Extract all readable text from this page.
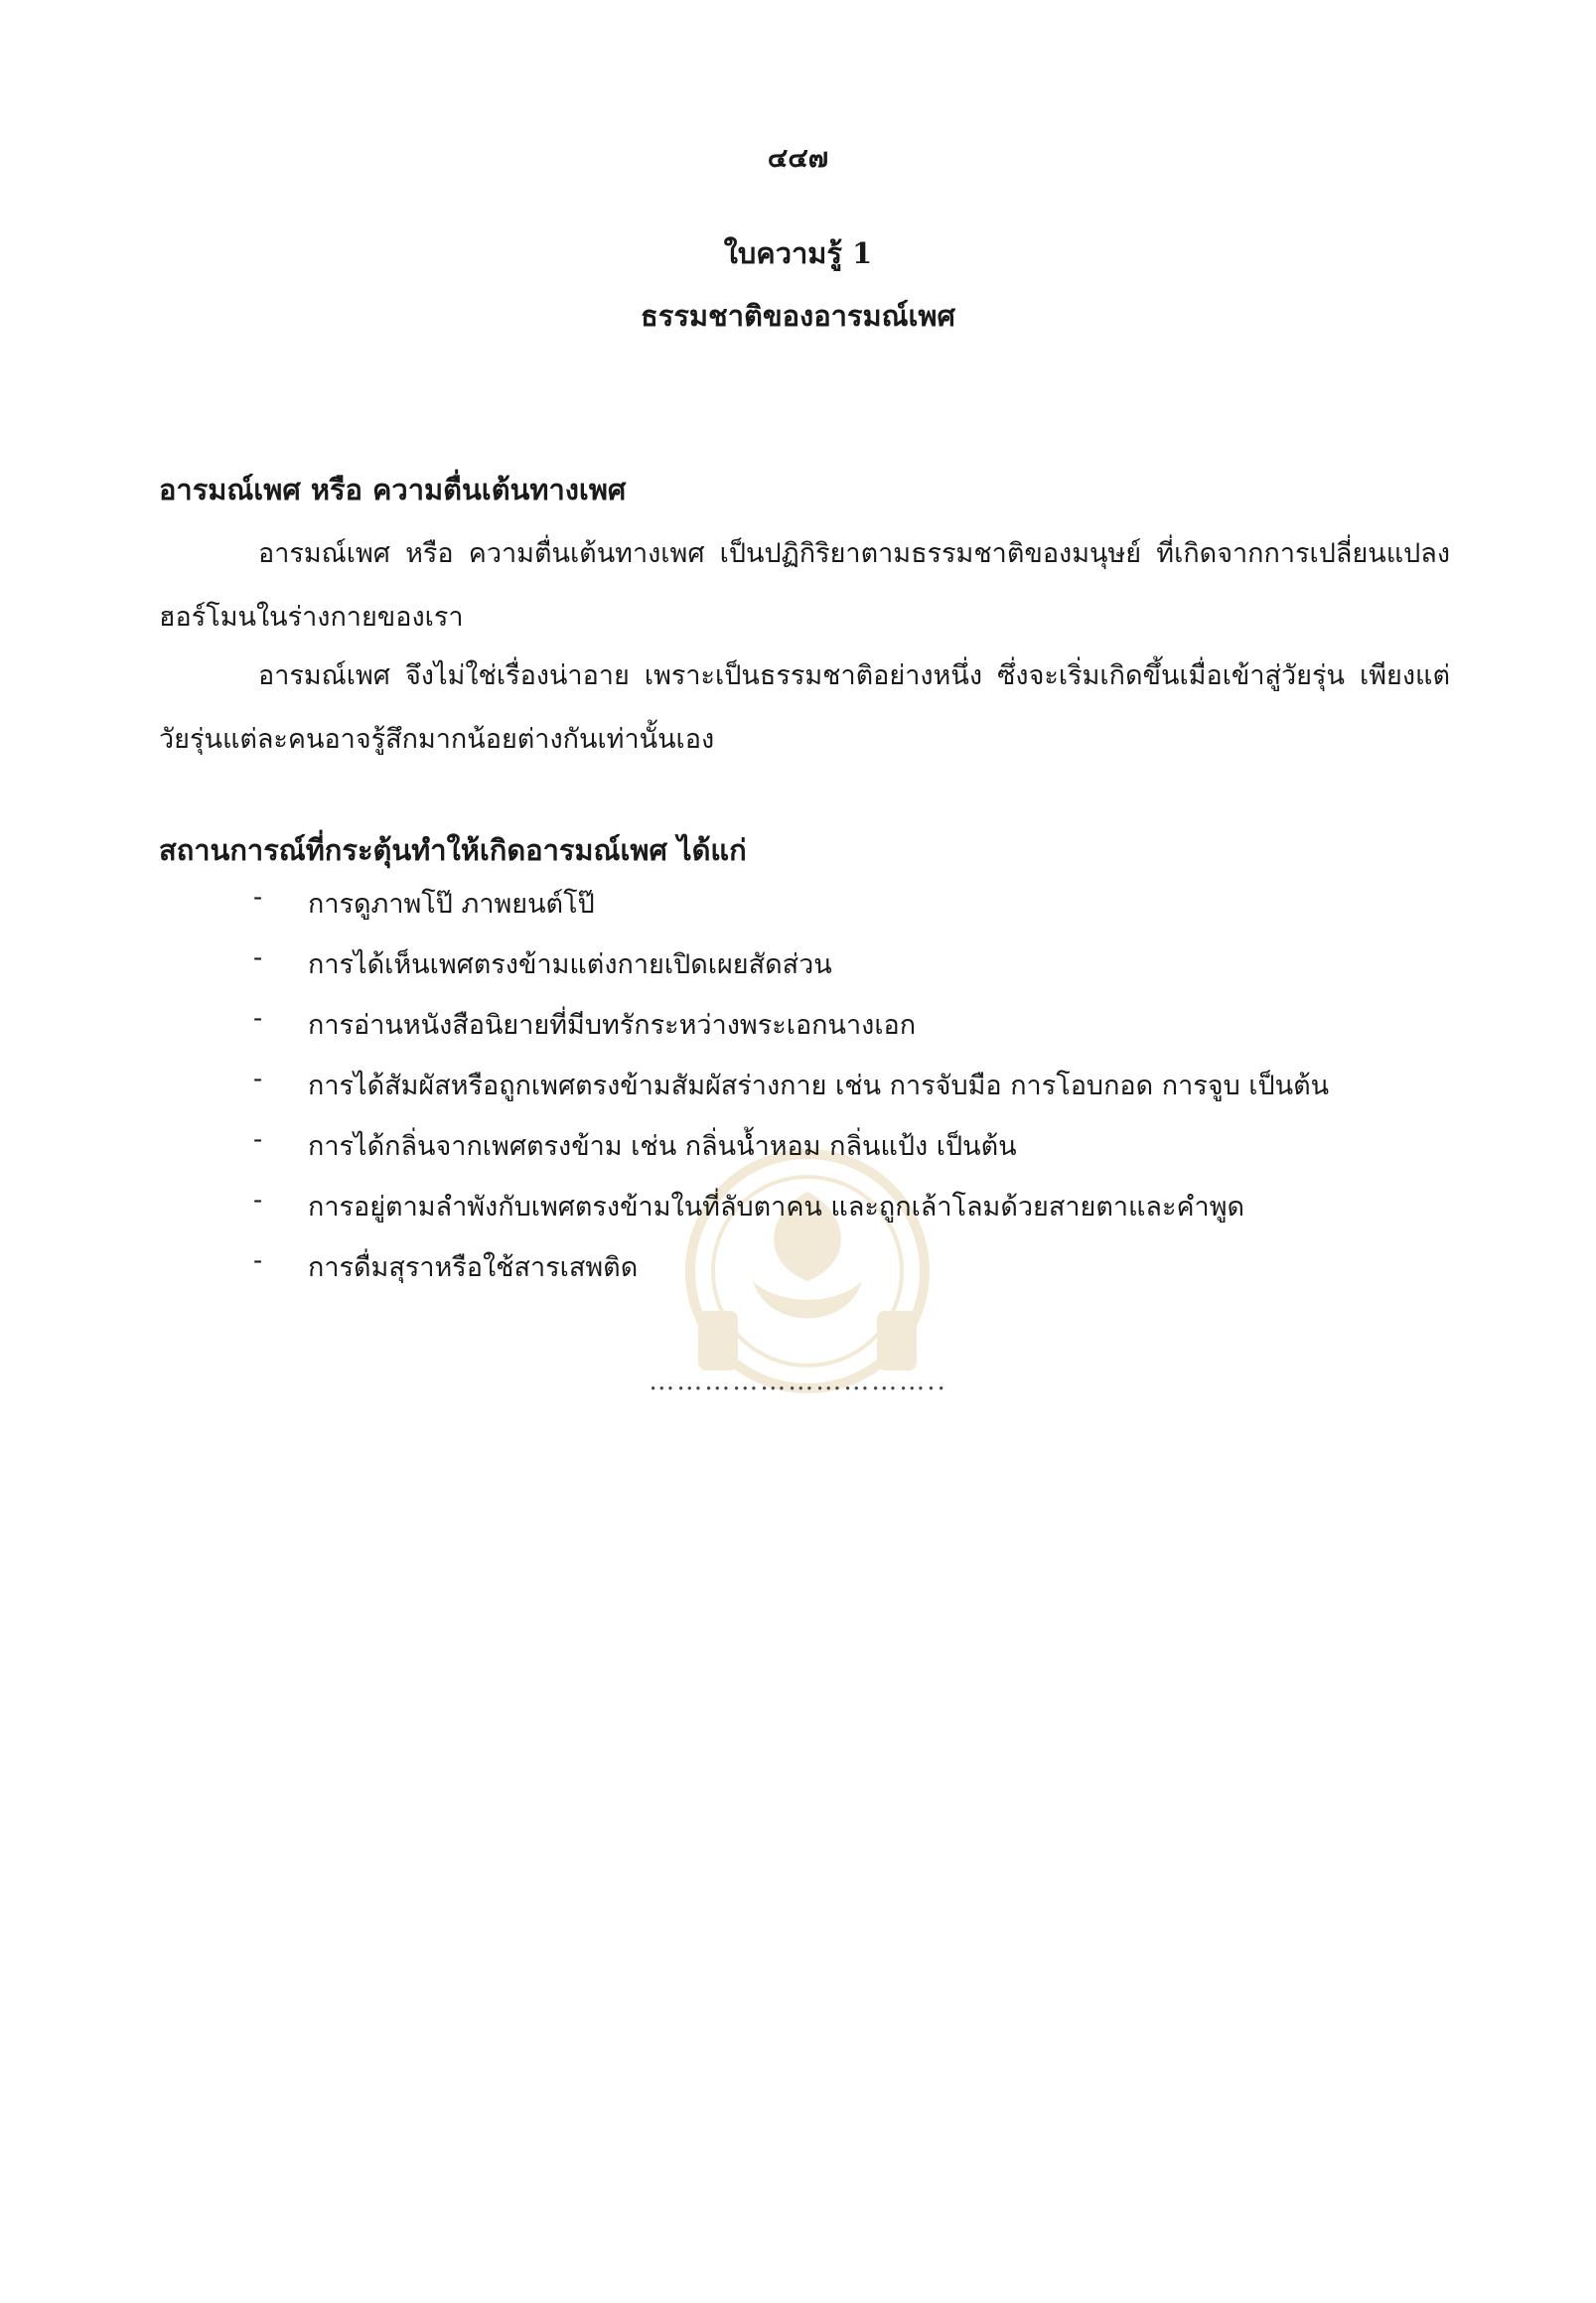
๔๔๗
ใบความรู้ 1
ธรรมชาติของอารมณ์เพศ
อารมณ์เพศ หรือ ความตื่นเต้นทางเพศ
อารมณ์เพศ หรือ ความตื่นเต้นทางเพศ เป็นปฏิกิริยาตามธรรมชาติของมนุษย์ ที่เกิดจากการเปลี่ยนแปลงฮอร์โมนในร่างกายของเรา
อารมณ์เพศ จึงไม่ใช่เรื่องน่าอาย เพราะเป็นธรรมชาติอย่างหนึ่ง ซึ่งจะเริ่มเกิดขึ้นเมื่อเข้าสู่วัยรุ่น เพียงแต่วัยรุ่นแต่ละคนอาจรู้สึกมากน้อยต่างกันเท่านั้นเอง
สถานการณ์ที่กระตุ้นทำให้เกิดอารมณ์เพศ ได้แก่
-	การดูภาพโป๊ ภาพยนต์โป๊
-	การได้เห็นเพศตรงข้ามแต่งกายเปิดเผยสัดส่วน
-	การอ่านหนังสือนิยายที่มีบทรักระหว่างพระเอกนางเอก
-	การได้สัมผัสหรือถูกเพศตรงข้ามสัมผัสร่างกาย เช่น การจับมือ การโอบกอด การจูบ เป็นต้น
-	การได้กลิ่นจากเพศตรงข้าม เช่น กลิ่นน้ำหอม กลิ่นแป้ง เป็นต้น
-	การอยู่ตามลำพังกับเพศตรงข้ามในที่ลับตาคน และถูกเล้าโลมด้วยสายตาและคำพูด
-	การดื่มสุราหรือใช้สารเสพติด
…………………………..
